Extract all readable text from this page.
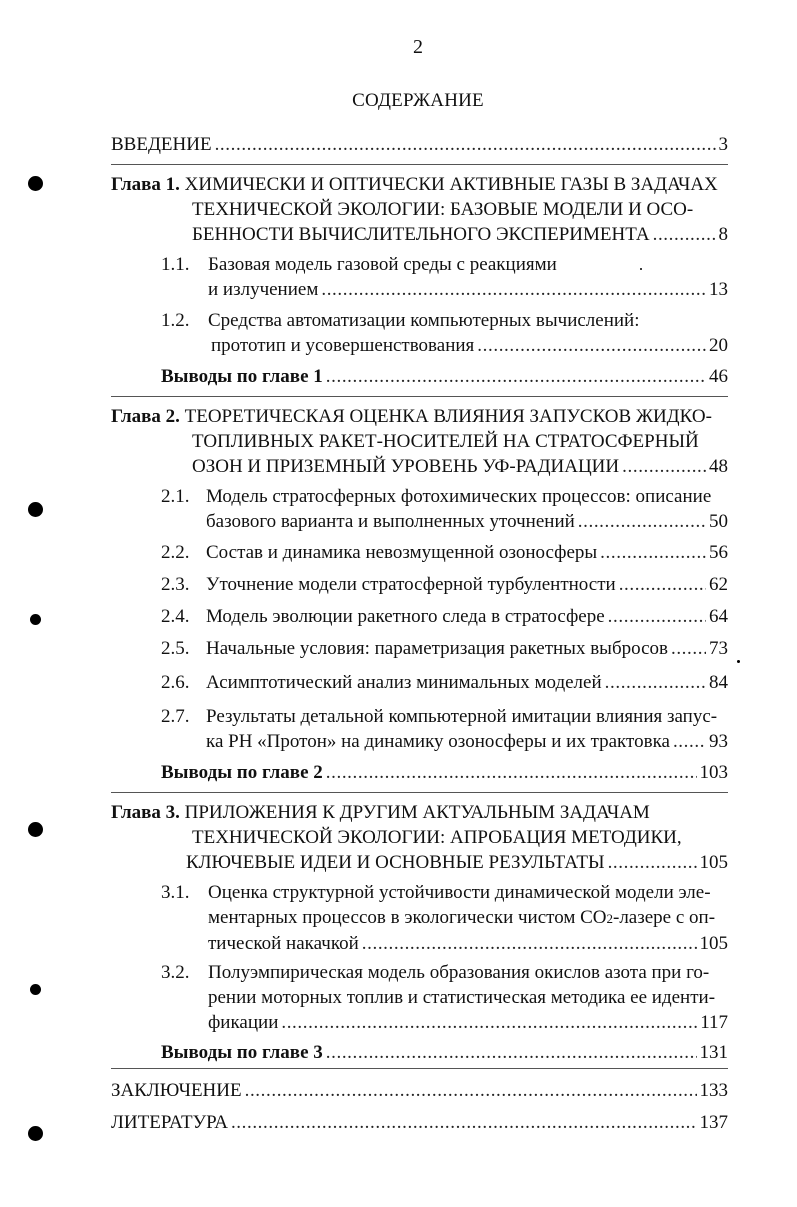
2
СОДЕРЖАНИЕ
ВВЕДЕНИЕ .....	3
Глава 1.
ХИМИЧЕСКИ И ОПТИЧЕСКИ АКТИВНЫЕ ГАЗЫ В ЗАДАЧАХ
ТЕХНИЧЕСКОЙ ЭКОЛОГИИ: БАЗОВЫЕ МОДЕЛИ И ОСО-
БЕННОСТИ ВЫЧИСЛИТЕЛЬНОГО ЭКСПЕРИМЕНТА .....	8
1.1. Базовая модель газовой среды с реакциями
и излучением .....	13
1.2. Средства автоматизации компьютерных вычислений:
прототип и усовершенствования .....	20
Выводы по главе 1 .....	46
Глава 2.
ТЕОРЕТИЧЕСКАЯ ОЦЕНКА ВЛИЯНИЯ ЗАПУСКОВ ЖИДКО-
ТОПЛИВНЫХ РАКЕТ-НОСИТЕЛЕЙ НА СТРАТОСФЕРНЫЙ
ОЗОН И ПРИЗЕМНЫЙ УРОВЕНЬ УФ-РАДИАЦИИ .....	48
2.1. Модель стратосферных фотохимических процессов: описание
базового варианта и выполненных уточнений .....	50
2.2. Состав и динамика невозмущенной озоносферы .....	56
2.3. Уточнение модели стратосферной турбулентности .....	62
2.4. Модель эволюции ракетного следа в стратосфере .....	64
2.5. Начальные условия: параметризация ракетных выбросов ..... 73
2.6. Асимптотический анализ минимальных моделей .....	84
2.7. Результаты детальной компьютерной имитации влияния запус-
ка РН «Протон» на динамику озоносферы и их трактовка ..... 93
Выводы по главе 2 .....	103
Глава 3.
ПРИЛОЖЕНИЯ К ДРУГИМ АКТУАЛЬНЫМ ЗАДАЧАМ
ТЕХНИЧЕСКОЙ ЭКОЛОГИИ: АПРОБАЦИЯ МЕТОДИКИ,
КЛЮЧЕВЫЕ ИДЕИ И ОСНОВНЫЕ РЕЗУЛЬТАТЫ .....	105
3.1. Оценка структурной устойчивости динамической модели эле-
ментарных процессов в экологически чистом CO 2 -лазере с оп-
тической накачкой .....	105
3.2. Полуэмпирическая модель образования окислов азота при го-
рении моторных топлив и статистическая методика ее иденти-
фикации .....	117
Выводы по главе 3 .....	131
ЗАКЛЮЧЕНИЕ .....	133
ЛИТЕРАТУРА .....	137
